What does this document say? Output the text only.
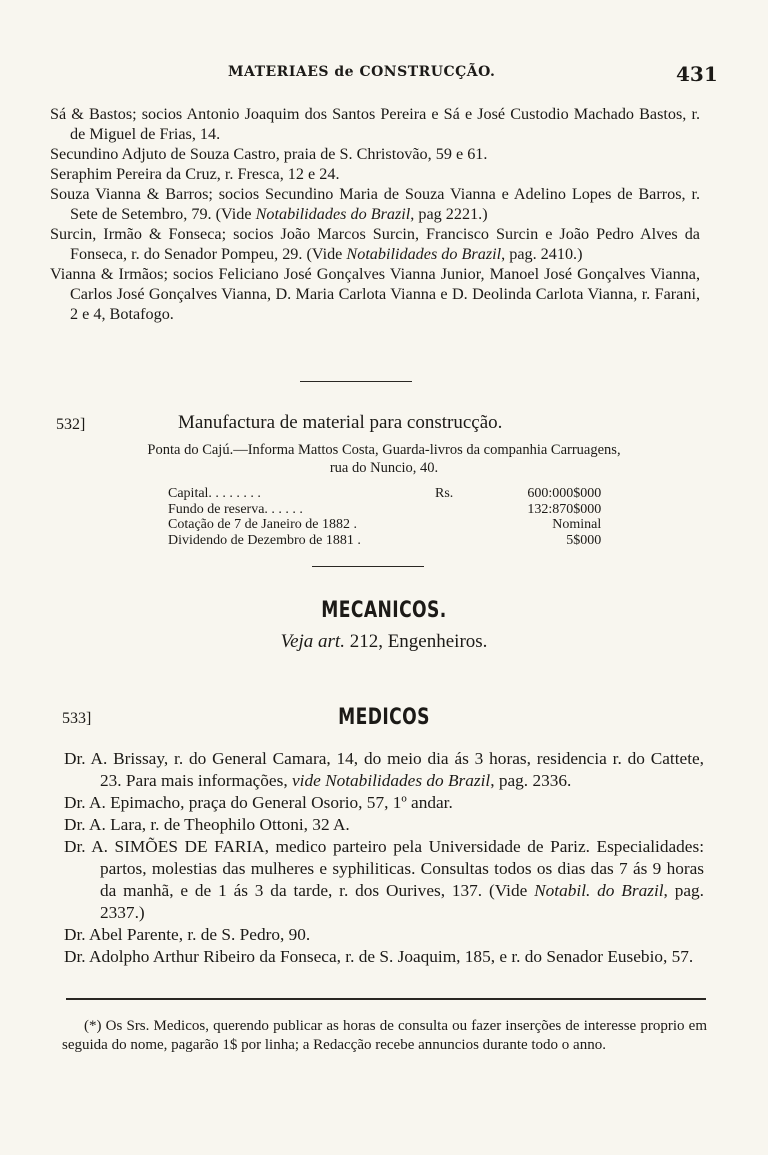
MATERIAES de CONSTRUCÇÃO.	431
Sá & Bastos; socios Antonio Joaquim dos Santos Pereira e Sá e José Custodio Machado Bastos, r. de Miguel de Frias, 14.
Secundino Adjuto de Souza Castro, praia de S. Christovão, 59 e 61.
Seraphim Pereira da Cruz, r. Fresca, 12 e 24.
Souza Vianna & Barros; socios Secundino Maria de Souza Vianna e Adelino Lopes de Barros, r. Sete de Setembro, 79. (Vide Notabilidades do Brazil, pag 2221.)
Surcin, Irmão & Fonseca; socios João Marcos Surcin, Francisco Surcin e João Pedro Alves da Fonseca, r. do Senador Pompeu, 29. (Vide Notabilidades do Brazil, pag. 2410.)
Vianna & Irmãos; socios Feliciano José Gonçalves Vianna Junior, Manoel José Gonçalves Vianna, Carlos José Gonçalves Vianna, D. Maria Carlota Vianna e D. Deolinda Carlota Vianna, r. Farani, 2 e 4, Botafogo.
532]	Manufactura de material para construcção.
Ponta do Cajú.—Informa Mattos Costa, Guarda-livros da companhia Carruagens,
rua do Nuncio, 40.
Capital. . . . . . . .	Rs.	600:000$000
Fundo de reserva. . . . . .		132:870$000
Cotação de 7 de Janeiro de 1882 .		Nominal
Dividendo de Dezembro de 1881 .		5$000
MECANICOS.
Veja art. 212, Engenheiros.
533]	MEDICOS
Dr. A. Brissay, r. do General Camara, 14, do meio dia ás 3 horas, residencia r. do Cattete, 23. Para mais informações, vide Notabilidades do Brazil, pag. 2336.
Dr. A. Epimacho, praça do General Osorio, 57, 1º andar.
Dr. A. Lara, r. de Theophilo Ottoni, 32 A.
Dr. A. SIMÕES DE FARIA, medico parteiro pela Universidade de Pariz. Especialidades: partos, molestias das mulheres e syphiliticas. Consultas todos os dias das 7 ás 9 horas da manhã, e de 1 ás 3 da tarde, r. dos Ourives, 137. (Vide Notabil. do Brazil, pag. 2337.)
Dr. Abel Parente, r. de S. Pedro, 90.
Dr. Adolpho Arthur Ribeiro da Fonseca, r. de S. Joaquim, 185, e r. do Senador Eusebio, 57.
(*) Os Srs. Medicos, querendo publicar as horas de consulta ou fazer inserções de interesse proprio em seguida do nome, pagarão 1$ por linha; a Redacção recebe annuncios durante todo o anno.
